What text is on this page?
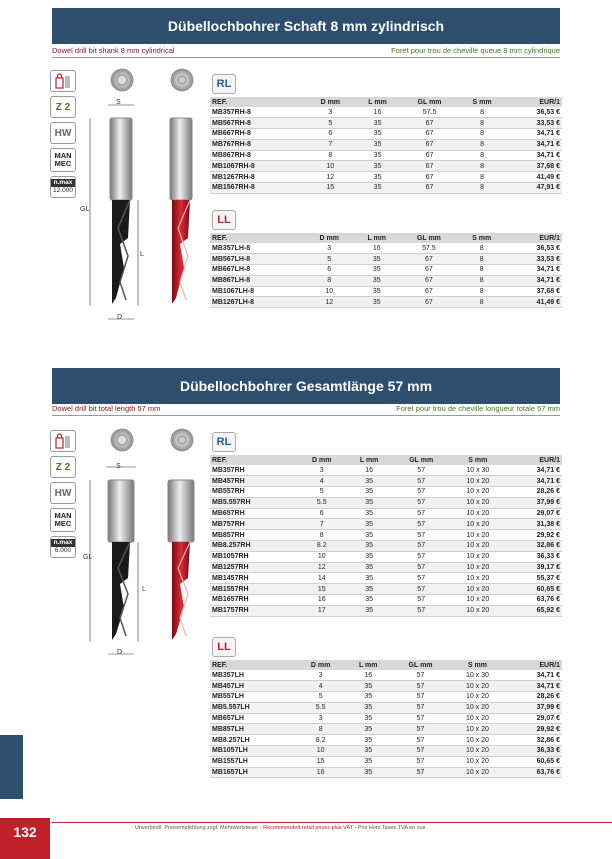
Dübellochbohrer Schaft 8 mm zylindrisch
Dowel drill bit shank 8 mm cylindrical	Foret pour trou de cheville queue 8 mm cylindrique
Z 2
HW
MAN
MEC
n.max
12.000
S
GL
L
D
RL
REF.	D mm	L mm	GL mm	S mm	EUR/1
MB357RH-8	3	16	57.5	8	36,53 €
MB567RH-8	5	35	67	8	33,53 €
MB667RH-8	6	35	67	8	34,71 €
MB767RH-8	7	35	67	8	34,71 €
MB867RH-8	8	35	67	8	34,71 €
MB1067RH-8	10	35	67	8	37,68 €
MB1267RH-8	12	35	67	8	41,49 €
MB1567RH-8	15	35	67	8	47,91 €
LL
REF.	D mm	L mm	GL mm	S mm	EUR/1
MB357LH-8	3	16	57.5	8	36,53 €
MB567LH-8	5	35	67	8	33,53 €
MB667LH-8	6	35	67	8	34,71 €
MB867LH-8	8	35	67	8	34,71 €
MB1067LH-8	10	35	67	8	37,68 €
MB1267LH-8	12	35	67	8	41,49 €
Dübellochbohrer Gesamtlänge 57 mm
Dowel drill bit total length 57 mm	Foret pour trou de cheville longueur totale 57 mm
Z 2
HW
MAN
MEC
n.max
6.000
S
GL
L
D
RL
REF.	D mm	L mm	GL mm	S mm	EUR/1
MB357RH	3	16	57	10 x 30	34,71 €
MB457RH	4	35	57	10 x 20	34,71 €
MB557RH	5	35	57	10 x 20	28,26 €
MB5.557RH	5.5	35	57	10 x 20	37,99 €
MB657RH	6	35	57	10 x 20	29,07 €
MB757RH	7	35	57	10 x 20	31,38 €
MB857RH	8	35	57	10 x 20	29,92 €
MB8.257RH	8.2	35	57	10 x 20	32,86 €
MB1057RH	10	35	57	10 x 20	36,33 €
MB1257RH	12	35	57	10 x 20	39,17 €
MB1457RH	14	35	57	10 x 20	55,37 €
MB1557RH	15	35	57	10 x 20	60,65 €
MB1657RH	16	35	57	10 x 20	63,76 €
MB1757RH	17	35	57	10 x 20	65,92 €
LL
REF.	D mm	L mm	GL mm	S mm	EUR/1
MB357LH	3	16	57	10 x 30	34,71 €
MB457LH	4	35	57	10 x 20	34,71 €
MB557LH	5	35	57	10 x 20	28,26 €
MB5.557LH	5.5	35	57	10 x 20	37,99 €
MB657LH	3	35	57	10 x 20	29,07 €
MB857LH	8	35	57	10 x 20	29,92 €
MB8.257LH	8.2	35	57	10 x 20	32,86 €
MB1057LH	10	35	57	10 x 20	36,33 €
MB1557LH	15	35	57	10 x 20	60,65 €
MB1657LH	16	35	57	10 x 20	63,76 €
132	Unverbindl. Preisempfehlung zzgl. Mehrwertsteuer - Recommended retail prices plus VAT - Prix Hors Taxes TVA en sus
